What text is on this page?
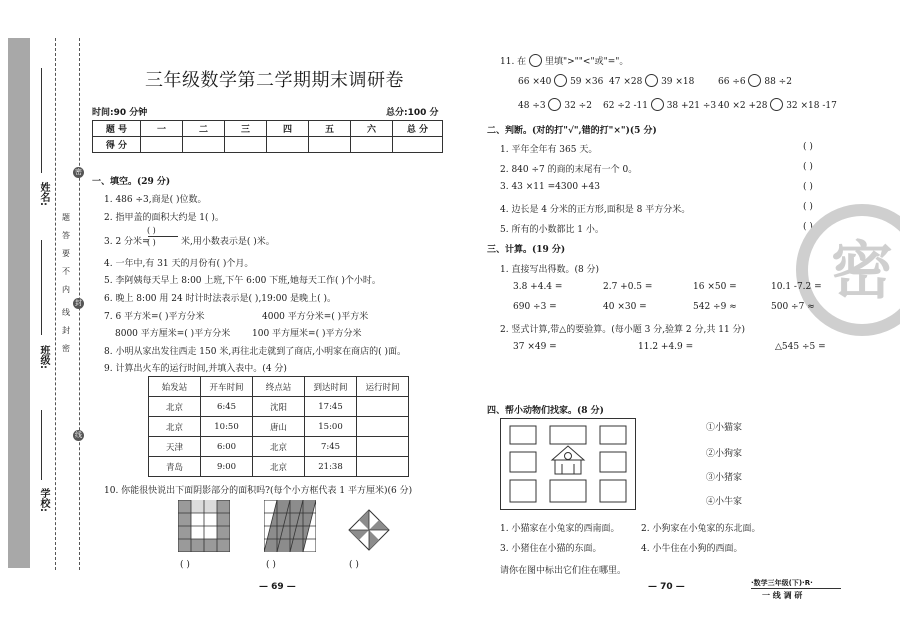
学校:
班级:
姓名:
密
封
线
密
封
线
内
不
要
答
题
三年级数学第二学期期末调研卷
时间:90 分钟	总分:100 分
题 号	一	二	三	四	五	六	总 分
得 分							
一、填空。(29 分)
1. 486 ÷3,商是( )位数。
2. 指甲盖的面积大约是 1( )。
3. 2 分米=
( )
( )	米,用小数表示是( )米。
4. 一年中,有 31 天的月份有( )个月。
5. 李阿姨每天早上 8:00 上班,下午 6:00 下班,她每天工作( )个小时。
6. 晚上 8:00 用 24 时计时法表示是( ),19:00 是晚上( )。
7. 6 平方米=( )平方分米	4000 平方分米=( )平方米
8000 平方厘米=( )平方分米 100 平方厘米=( )平方分米
8. 小明从家出发往西走 150 米,再往北走就到了商店,小明家在商店的( )面。
9. 计算出火车的运行时间,并填入表中。(4 分)
始发站	开车时间	终点站	到达时间	运行时间
北京	6:45	沈阳	17:45	
北京	10:50	唐山	15:00	
天津	6:00	北京	7:45	
青岛	9:00	北京	21:38	
10. 你能很快说出下面阴影部分的面积吗?(每个小方框代表 1 平方厘米)(6 分)
( )	( )	( )
— 69 —
11. 在 里填">""<"或"="。
66 ×40 59 ×36 47 ×28 39 ×18	66 ÷6 88 ÷2
48 ÷3 32 ÷2 62 ÷2 -11 38 +21 ÷3 40 ×2 +28 32 ×18 -17
二、判断。(对的打"√",错的打"×")(5 分)
1. 平年全年有 365 天。
2. 840 ÷7 的商的末尾有一个 0。
3. 43 ×11 =4300 +43
4. 边长是 4 分米的正方形,面积是 8 平方分米。
5. 所有的小数都比 1 小。
( )
( )
( )
( )
( )
密
三、计算。(19 分)
1. 直接写出得数。(8 分)
3.8 +4.4 =	2.7 +0.5 =	16 ×50 =	10.1 -7.2 =
690 ÷3 =	40 ×30 =	542 ÷9 ≈	500 ÷7 ≈
2. 竖式计算,带△的要验算。(每小题 3 分,验算 2 分,共 11 分)
37 ×49 =	11.2 +4.9 =	△545 ÷5 =
四、帮小动物们找家。(8 分)
①小猫家
②小狗家
③小猪家
④小牛家
1. 小猫家在小兔家的西南面。 2. 小狗家在小兔家的东北面。
3. 小猪住在小猫的东面。	4. 小牛住在小狗的西面。
请你在图中标出它们住在哪里。
— 70 —	·数学三年级(下)·R·
一 线 调 研
